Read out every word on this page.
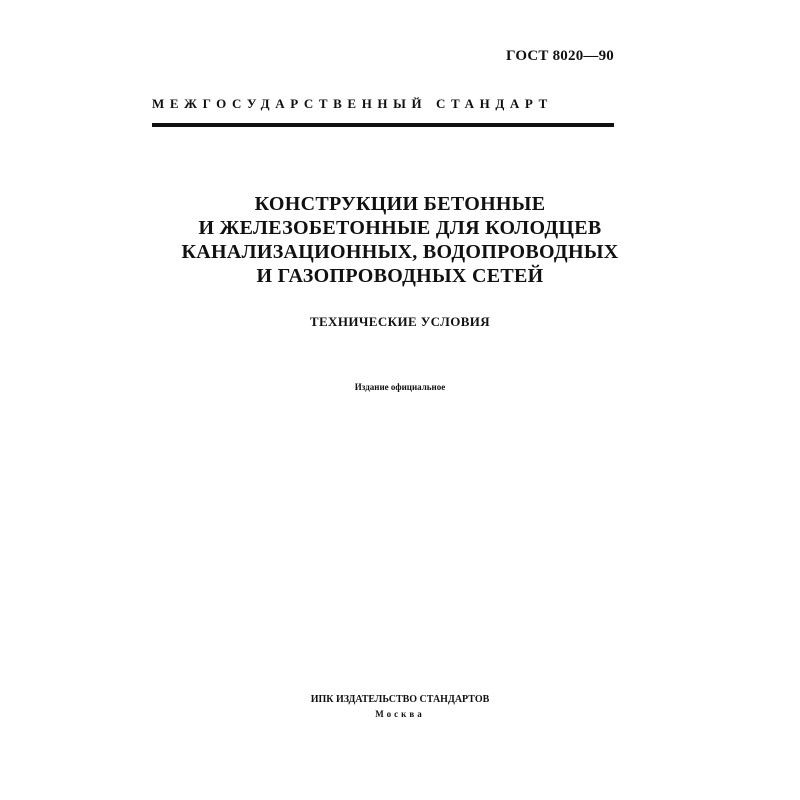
ГОСТ 8020—90
МЕЖГОСУДАРСТВЕННЫЙ СТАНДАРТ
КОНСТРУКЦИИ БЕТОННЫЕ
И ЖЕЛЕЗОБЕТОННЫЕ ДЛЯ КОЛОДЦЕВ
КАНАЛИЗАЦИОННЫХ, ВОДОПРОВОДНЫХ
И ГАЗОПРОВОДНЫХ СЕТЕЙ
ТЕХНИЧЕСКИЕ УСЛОВИЯ
Издание официальное
ИПК ИЗДАТЕЛЬСТВО СТАНДАРТОВ
Москва
